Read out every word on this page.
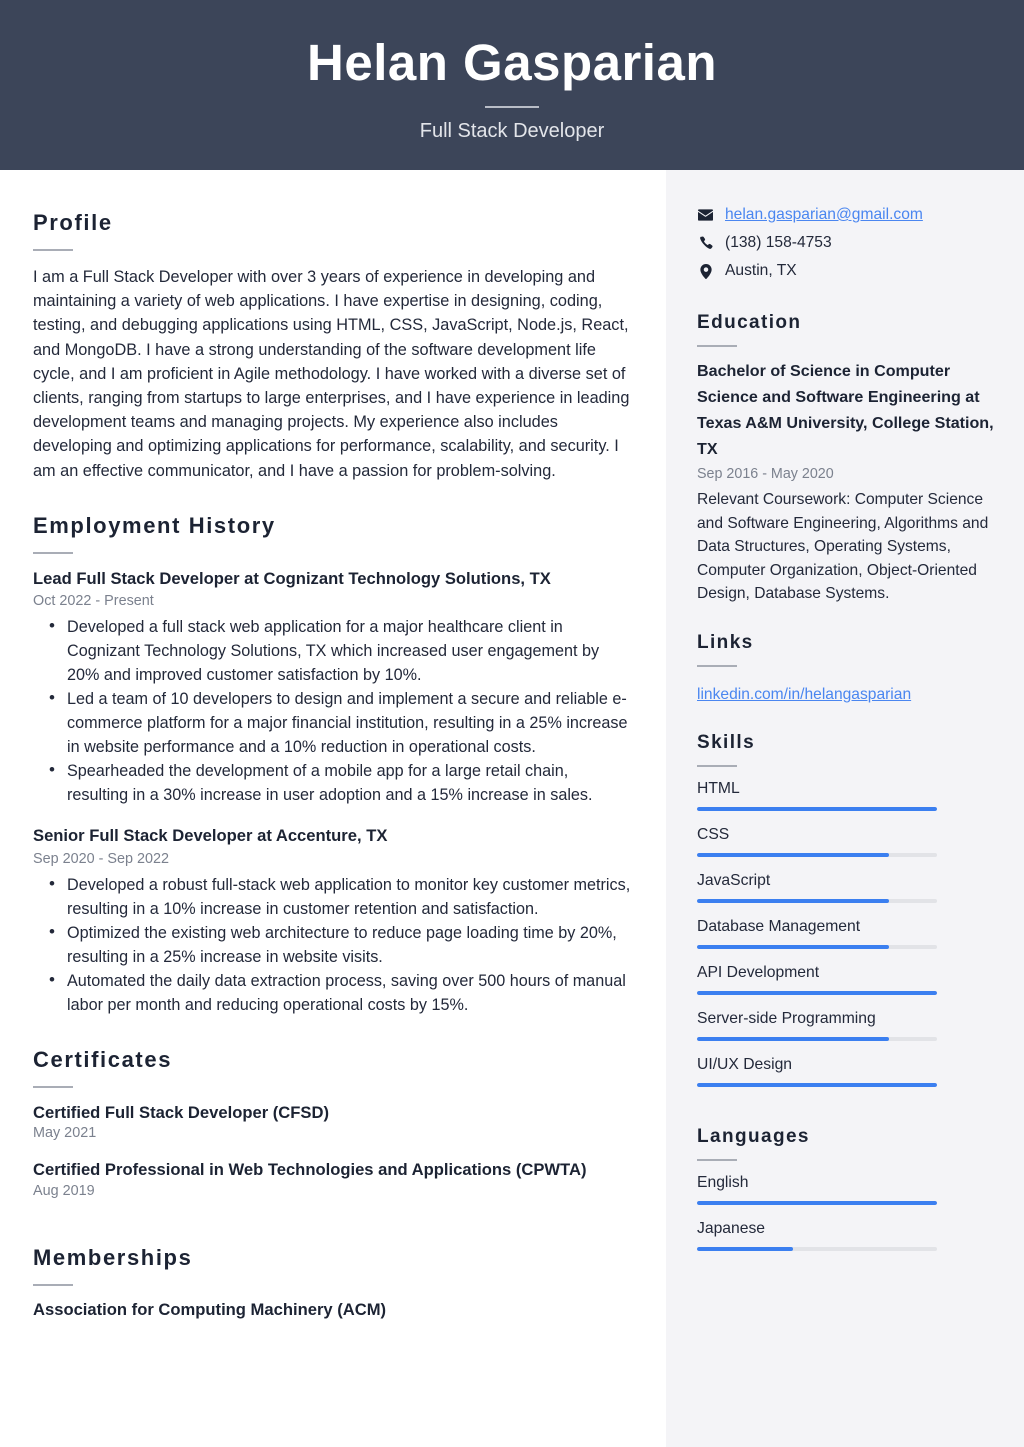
Helan Gasparian
Full Stack Developer
Profile
I am a Full Stack Developer with over 3 years of experience in developing and maintaining a variety of web applications. I have expertise in designing, coding, testing, and debugging applications using HTML, CSS, JavaScript, Node.js, React, and MongoDB. I have a strong understanding of the software development life cycle, and I am proficient in Agile methodology. I have worked with a diverse set of clients, ranging from startups to large enterprises, and I have experience in leading development teams and managing projects. My experience also includes developing and optimizing applications for performance, scalability, and security. I am an effective communicator, and I have a passion for problem-solving.
Employment History
Lead Full Stack Developer at Cognizant Technology Solutions, TX
Oct 2022 - Present
• Developed a full stack web application for a major healthcare client in Cognizant Technology Solutions, TX which increased user engagement by 20% and improved customer satisfaction by 10%.
• Led a team of 10 developers to design and implement a secure and reliable e-commerce platform for a major financial institution, resulting in a 25% increase in website performance and a 10% reduction in operational costs.
• Spearheaded the development of a mobile app for a large retail chain, resulting in a 30% increase in user adoption and a 15% increase in sales.
Senior Full Stack Developer at Accenture, TX
Sep 2020 - Sep 2022
• Developed a robust full-stack web application to monitor key customer metrics, resulting in a 10% increase in customer retention and satisfaction.
• Optimized the existing web architecture to reduce page loading time by 20%, resulting in a 25% increase in website visits.
• Automated the daily data extraction process, saving over 500 hours of manual labor per month and reducing operational costs by 15%.
Certificates
Certified Full Stack Developer (CFSD)
May 2021
Certified Professional in Web Technologies and Applications (CPWTA)
Aug 2019
Memberships
Association for Computing Machinery (ACM)
helan.gasparian@gmail.com
(138) 158-4753
Austin, TX
Education
Bachelor of Science in Computer Science and Software Engineering at Texas A&M University, College Station, TX
Sep 2016 - May 2020
Relevant Coursework: Computer Science and Software Engineering, Algorithms and Data Structures, Operating Systems, Computer Organization, Object-Oriented Design, Database Systems.
Links
linkedin.com/in/helangasparian
Skills
HTML
CSS
JavaScript
Database Management
API Development
Server-side Programming
UI/UX Design
Languages
English
Japanese
